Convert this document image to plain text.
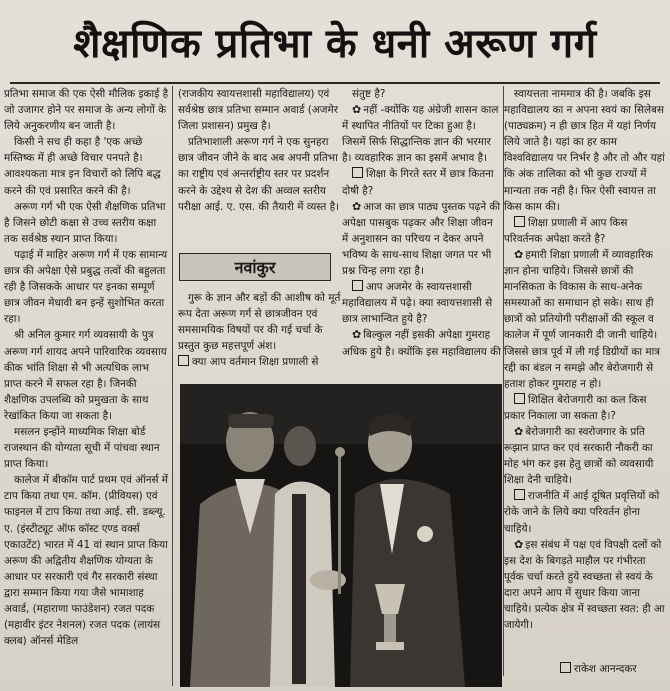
शैक्षणिक प्रतिभा के धनी अरूण गर्ग

प्रतिभा समाज की एक ऐसी मौलिक इकाई है जो उजागर होने पर समाज के अन्य लोगों के लिये अनुकरणीय बन जाती है।

किसी ने सच ही कहा है 'एक अच्छे मस्तिष्क में ही अच्छे विचार पनपते है। आवश्यकता मात्र इन विचारों को लिपि बद्ध करने की एवं प्रसारित करने की है।

अरूण गर्ग भी एक ऐसी शैक्षणिक प्रतिभा है जिसने छोटी कक्षा से उच्च स्तरीय कक्षा तक सर्वश्रेष्ठ स्थान प्राप्त किया।

पढ़ाई में माहिर अरूण गर्ग में एक सामान्य छात्र की अपेक्षा ऐसे प्रबुद्ध तत्वों की बहुलता रही है जिसकके आधार पर इनका सम्पूर्ण छात्र जीवन मेधावी बन इन्हें सुशोभित करता रहा।

श्री अनिल कुमार गर्ग व्यवसायी के पुत्र अरूण गर्ग शायद अपने पारिवारिक व्यवसाय कीक भांति शिक्षा से भी अत्यधिक लाभ प्राप्त करने में सफल रहा है। जिनकी शैक्षणिक उपलब्धि को प्रमुखता के साथ रेखांकित किया जा सकता है।

मसलन इन्होंने माध्यमिक शिक्षा बोर्ड राजस्थान की योग्यता सूची में पांचवा स्थान प्राप्त किया।

कालेज में बीकॉम पार्ट प्रथम एवं ऑनर्स में टाप किया तथा एम. कॉम. (प्रीवियस) एवं फाइनल में टाप किया तथा आई. सी. डब्ल्यू. ए. (इंस्टीट्यूट ऑफ कॉस्ट एण्ड वर्क्स एकाउटेंट) भारत में 41 वां स्थान प्राप्त किया अरूण की अद्वितीय शैक्षणिक योग्यता के आधार पर सरकारी एवं गैर सरकारी संस्था द्वारा सम्मान किया गया जैसे भामाशाह अवार्ड, (महाराणा फाउंडेशन) रजत पदक (महावीर इंटर नेशनल) रजत पदक (लायंस क्लब) ऑनर्स मेडिल

(राजकीय स्वायत्तशासी महाविद्यालय) एवं सर्वश्रेष्ठ छात्र प्रतिभा सम्मान अवार्ड (अजमेर जिला प्रशासन) प्रमुख है।

प्रतिभाशाली अरूण गर्ग ने एक सुनहरा छात्र जीवन जीने के बाद अब अपनी प्रतिभा का राष्ट्रीय एवं अन्तर्राष्ट्रीय स्तर पर प्रदर्शन करने के उद्देश्य से देश की अव्वल स्तरीय परीक्षा आई. ए. एस. की तैयारी में व्यस्त है।

नवांकुर

गुरू के ज्ञान और बड़ों की आशीष को मूर्त रूप देता अरूण गर्ग से छात्रजीवन एवं समसामयिक विषयों पर की गई चर्चा के प्रस्तुत कुछ महत्तपूर्ण अंश।

क्या आप वर्तमान शिक्षा प्रणाली से

संतुष्ट है?

✿ नहीं -क्योंकि यह अंग्रेजी शासन काल में स्थापित नीतियों पर टिका हुआ है। जिसमें सिर्फ सिद्धान्तिक ज्ञान की भरमार है। व्यवहारिक ज्ञान का इसमें अभाव है।

शिक्षा के गिरते स्तर में छात्र कितना दोषी है?

✿ आज का छात्र पाठ्य पुस्तक पढ़ने की अपेक्षा पासबुक पढ़कर और शिक्षा जीवन में अनुशासन का परिचय न देकर अपने भविष्य के साथ-साथ शिक्षा जगत पर भी प्रश्न चिन्ह लगा रहा है।

आप अजमेर के स्वायत्तशासी महाविद्यालय में पढ़े। क्या स्वायत्तशासी से छात्र लाभान्वित हुये है?

✿ बिल्कुल नहीं इसकी अपेक्षा गुमराह अधिक हुये है। क्योंकि इस महाविद्यालय की

स्वायत्तता नाममात्र की है। जबकि इस महाविद्यालय का न अपना स्वयं का सिलेबस (पाठ्यक्रम) न ही छात्र हित में यहां निर्णय लिये जाते है। यहां का हर काम विश्वविद्यालय पर निर्भर है और तो और यहां कि अंक तालिका को भी कुछ राज्यों में मान्यता तक नही है। फिर ऐसी स्वायत्त ता किस काम की।

शिक्षा प्रणाली में आप किस परिवर्तनक अपेक्षा करते है?

✿ हमारी शिक्षा प्रणाली में व्यावहारिक ज्ञान होना चाहिये। जिससे छात्रों की मानसिकता के विकास के साथ-अनेक समस्याओं का समाधान हो सके। साथ ही छात्रों को प्रतियोगी परीक्षाओं की स्कूल व कालेज में पूर्ण जानकारी दी जानी चाहिये। जिससे छात्र पूर्व में ली गई डिग्रीयों का मात्र रद्दी का बंडल न समझे और बेरोजगारी से हताश होकर गुमराह न हो।

शिक्षित बेरोजगारी का कल किस प्रकार निकाला जा सकता है।?

✿ बेरोजगारी का स्वरोजगार के प्रति रूझान प्राप्त कर एवं सरकारी नौकरी का मोह भंग कर इस हेतु छात्रों को व्यवसायी शिक्षा देनी चाहिये।

राजनीति में आई दूषित प्रवृत्तियों को रोके जाने के लिये क्या परिवर्तन होना चाहिये।

✿ इस संबंध में पक्ष एवं विपक्षी दलों को इस देश के बिगड़ते माहौल पर गंभीरता पूर्वक चर्चा करते हुये स्वच्छता से स्वयं के दारा अपने आप में सुधार किया जाना चाहिये। प्रत्येक क्षेत्र में स्वच्छता स्वत: ही आ जायेगी।

राकेश आनन्दकर
